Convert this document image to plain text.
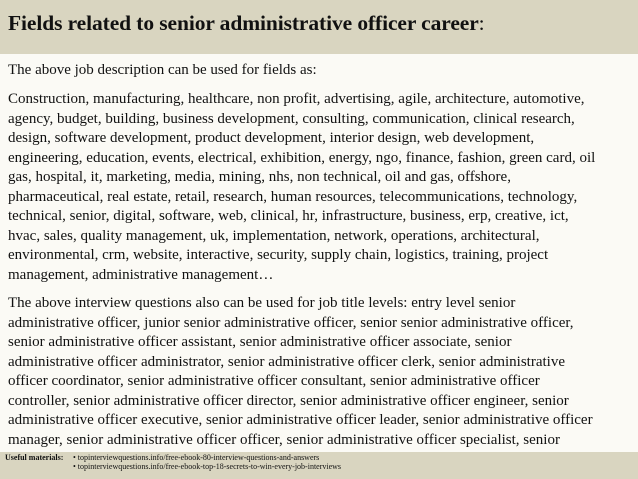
Fields related to senior administrative officer career:

The above job description can be used for fields as:

Construction, manufacturing, healthcare, non profit, advertising, agile, architecture, automotive,
agency, budget, building, business development, consulting, communication, clinical research,
design, software development, product development, interior design, web development,
engineering, education, events, electrical, exhibition, energy, ngo, finance, fashion, green card, oil
gas, hospital, it, marketing, media, mining, nhs, non technical, oil and gas, offshore,
pharmaceutical, real estate, retail, research, human resources, telecommunications, technology,
technical, senior, digital, software, web, clinical, hr, infrastructure, business, erp, creative, ict,
hvac, sales, quality management, uk, implementation, network, operations, architectural,
environmental, crm, website, interactive, security, supply chain, logistics, training, project
management, administrative management…

The above interview questions also can be used for job title levels: entry level senior
administrative officer, junior senior administrative officer, senior senior administrative officer,
senior administrative officer assistant, senior administrative officer associate, senior
administrative officer administrator, senior administrative officer clerk, senior administrative
officer coordinator, senior administrative officer consultant, senior administrative officer
controller, senior administrative officer director, senior administrative officer engineer, senior
administrative officer executive, senior administrative officer leader, senior administrative officer
manager, senior administrative officer officer, senior administrative officer specialist, senior

Useful materials: • topinterviewquestions.info/free-ebook-80-interview-questions-and-answers
• topinterviewquestions.info/free-ebook-top-18-secrets-to-win-every-job-interviews
